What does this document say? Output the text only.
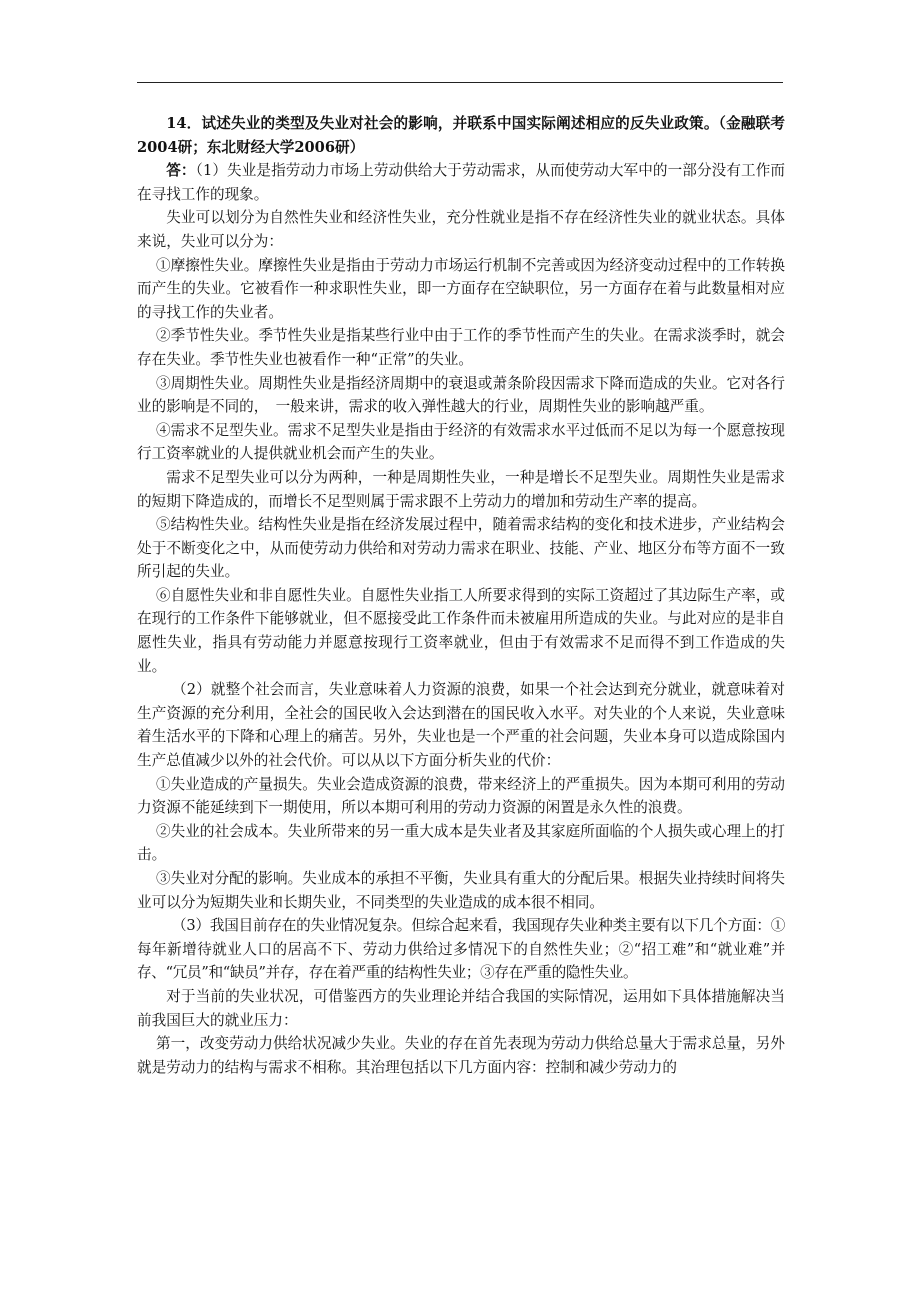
14．试述失业的类型及失业对社会的影响，并联系中国实际阐述相应的反失业政策。（金融联考2004研；东北财经大学2006研）

答：（1）失业是指劳动力市场上劳动供给大于劳动需求，从而使劳动大军中的一部分没有工作而在寻找工作的现象。

失业可以划分为自然性失业和经济性失业，充分性就业是指不存在经济性失业的就业状态。具体来说，失业可以分为：

①摩擦性失业。摩擦性失业是指由于劳动力市场运行机制不完善或因为经济变动过程中的工作转换而产生的失业。它被看作一种求职性失业，即一方面存在空缺职位，另一方面存在着与此数量相对应的寻找工作的失业者。

②季节性失业。季节性失业是指某些行业中由于工作的季节性而产生的失业。在需求淡季时，就会存在失业。季节性失业也被看作一种“正常”的失业。

③周期性失业。周期性失业是指经济周期中的衰退或萧条阶段因需求下降而造成的失业。它对各行业的影响是不同的，　一般来讲，需求的收入弹性越大的行业，周期性失业的影响越严重。

④需求不足型失业。需求不足型失业是指由于经济的有效需求水平过低而不足以为每一个愿意按现行工资率就业的人提供就业机会而产生的失业。

需求不足型失业可以分为两种，一种是周期性失业，一种是增长不足型失业。周期性失业是需求的短期下降造成的，而增长不足型则属于需求跟不上劳动力的增加和劳动生产率的提高。

⑤结构性失业。结构性失业是指在经济发展过程中，随着需求结构的变化和技术进步，产业结构会处于不断变化之中，从而使劳动力供给和对劳动力需求在职业、技能、产业、地区分布等方面不一致所引起的失业。

⑥自愿性失业和非自愿性失业。自愿性失业指工人所要求得到的实际工资超过了其边际生产率，或在现行的工作条件下能够就业，但不愿接受此工作条件而未被雇用所造成的失业。与此对应的是非自愿性失业，指具有劳动能力并愿意按现行工资率就业，但由于有效需求不足而得不到工作造成的失业。

（2）就整个社会而言，失业意味着人力资源的浪费，如果一个社会达到充分就业，就意味着对生产资源的充分利用，全社会的国民收入会达到潜在的国民收入水平。对失业的个人来说，失业意味着生活水平的下降和心理上的痛苦。另外，失业也是一个严重的社会问题，失业本身可以造成除国内生产总值减少以外的社会代价。可以从以下方面分析失业的代价：

①失业造成的产量损失。失业会造成资源的浪费，带来经济上的严重损失。因为本期可利用的劳动力资源不能延续到下一期使用，所以本期可利用的劳动力资源的闲置是永久性的浪费。

②失业的社会成本。失业所带来的另一重大成本是失业者及其家庭所面临的个人损失或心理上的打击。

③失业对分配的影响。失业成本的承担不平衡，失业具有重大的分配后果。根据失业持续时间将失业可以分为短期失业和长期失业，不同类型的失业造成的成本很不相同。

（3）我国目前存在的失业情况复杂。但综合起来看，我国现存失业种类主要有以下几个方面：①每年新增待就业人口的居高不下、劳动力供给过多情况下的自然性失业；②“招工难”和“就业难”并存、“冗员”和“缺员”并存，存在着严重的结构性失业；③存在严重的隐性失业。

对于当前的失业状况，可借鉴西方的失业理论并结合我国的实际情况，运用如下具体措施解决当前我国巨大的就业压力：

第一，改变劳动力供给状况减少失业。失业的存在首先表现为劳动力供给总量大于需求总量，另外就是劳动力的结构与需求不相称。其治理包括以下几方面内容：控制和减少劳动力的
